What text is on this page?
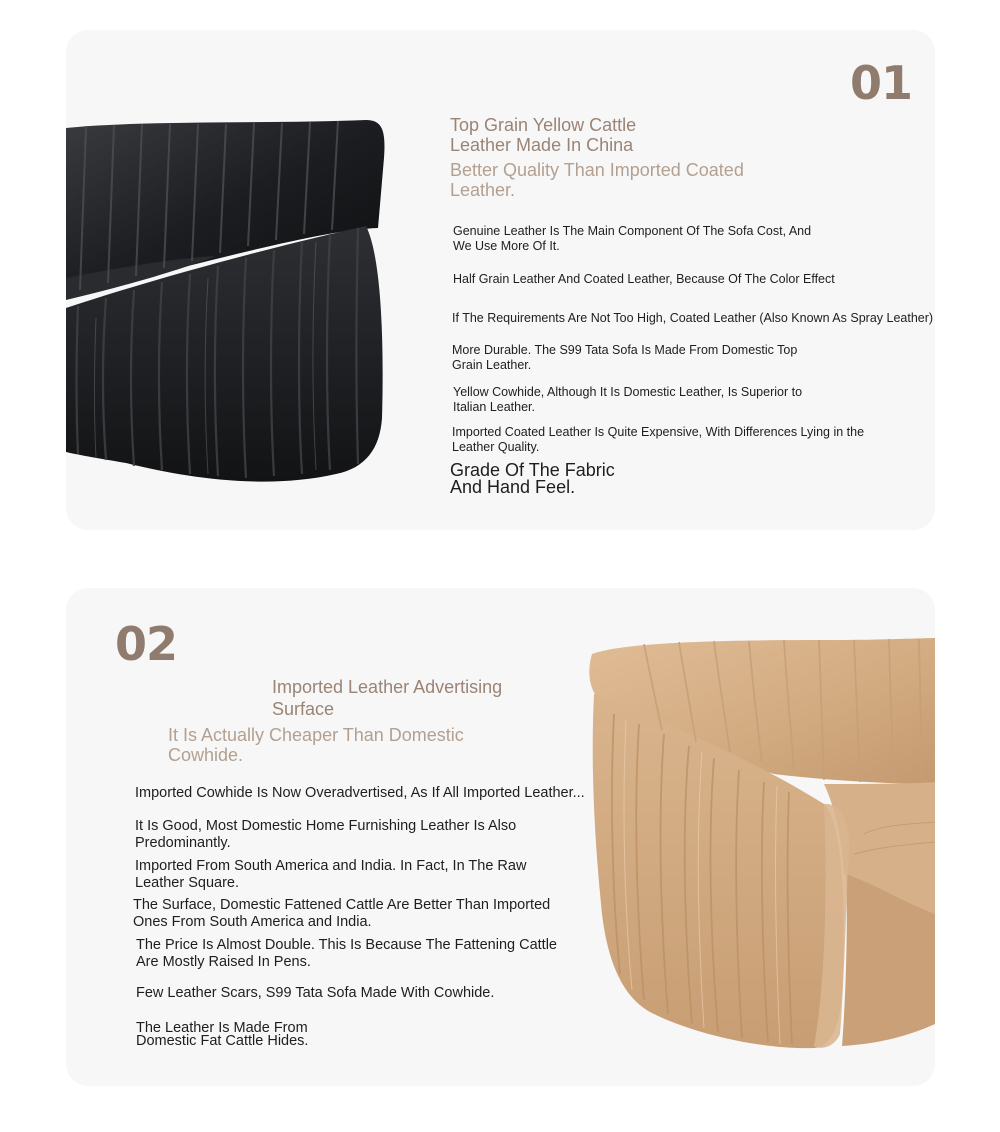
01
Top Grain Yellow Cattle
Leather Made In China
Better Quality Than Imported Coated
Leather.
Genuine Leather Is The Main Component Of The Sofa Cost, And
We Use More Of It.
Half Grain Leather And Coated Leather, Because Of The Color Effect
If The Requirements Are Not Too High, Coated Leather (Also Known As Spray Leather)
More Durable. The S99 Tata Sofa Is Made From Domestic Top
Grain Leather.
Yellow Cowhide, Although It Is Domestic Leather, Is Superior to
Italian Leather.
Imported Coated Leather Is Quite Expensive, With Differences Lying in the
Leather Quality.
Grade Of The Fabric
And Hand Feel.
02
Imported Leather Advertising
Surface
It Is Actually Cheaper Than Domestic
Cowhide.
Imported Cowhide Is Now Overadvertised, As If All Imported Leather...
It Is Good, Most Domestic Home Furnishing Leather Is Also
Predominantly.
Imported From South America and India. In Fact, In The Raw
Leather Square.
The Surface, Domestic Fattened Cattle Are Better Than Imported
Ones From South America and India.
The Price Is Almost Double. This Is Because The Fattening Cattle
Are Mostly Raised In Pens.
Few Leather Scars, S99 Tata Sofa Made With Cowhide.
The Leather Is Made From
Domestic Fat Cattle Hides.
